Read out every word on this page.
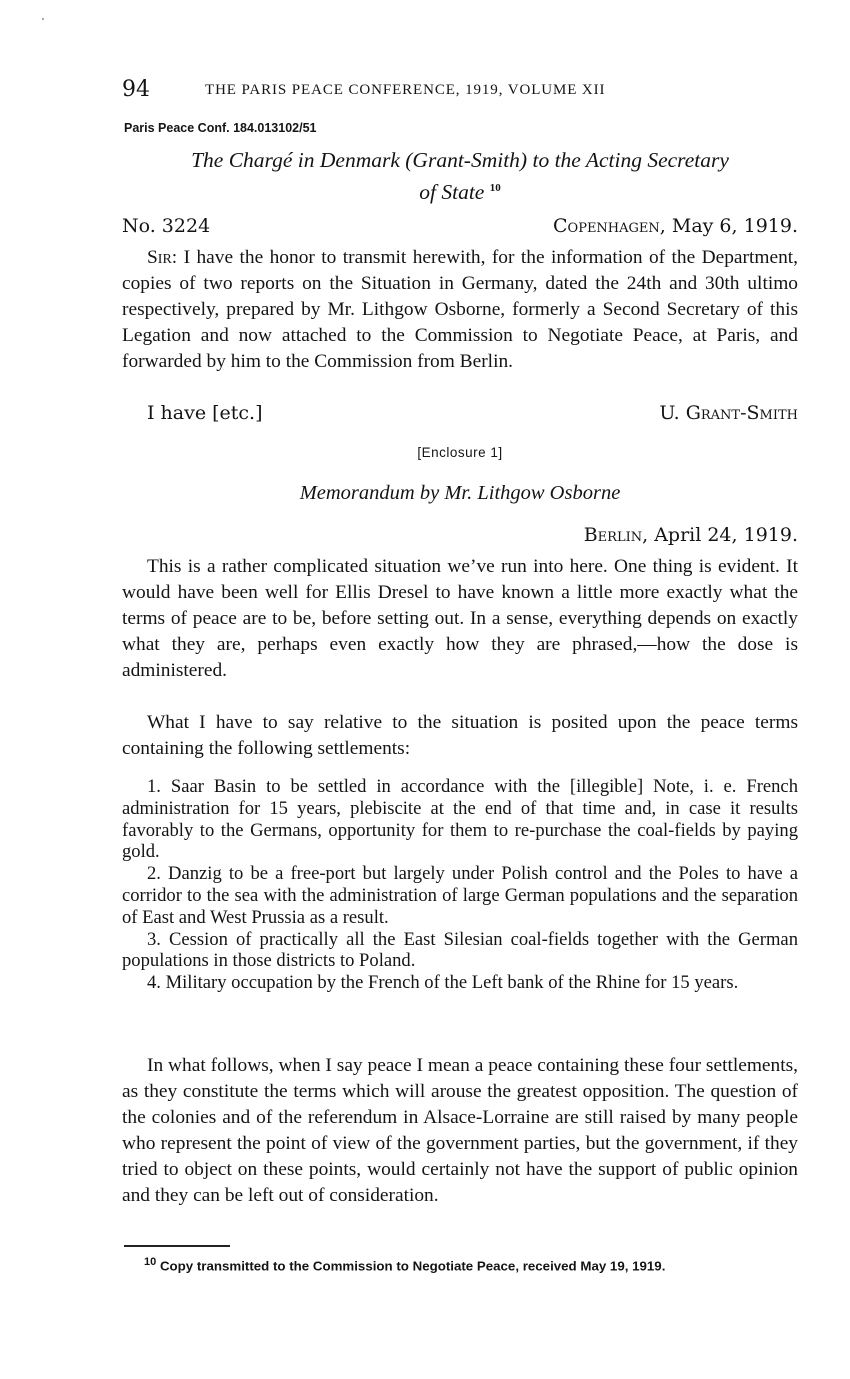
94	THE PARIS PEACE CONFERENCE, 1919, VOLUME XII
Paris Peace Conf. 184.013102/51
The Chargé in Denmark (Grant-Smith) to the Acting Secretary
of State $^{10}$
No. 3224	Copenhagen, May 6, 1919.

Sir: I have the honor to transmit herewith, for the information of the Department, copies of two reports on the Situation in Germany, dated the 24th and 30th ultimo respectively, prepared by Mr. Lithgow Osborne, formerly a Second Secretary of this Legation and now attached to the Commission to Negotiate Peace, at Paris, and forwarded by him to the Commission from Berlin.

I have [etc.]	U. Grant-Smith
[Enclosure 1]
Memorandum by Mr. Lithgow Osborne
Berlin, April 24, 1919.

This is a rather complicated situation we’ve run into here. One thing is evident. It would have been well for Ellis Dresel to have known a little more exactly what the terms of peace are to be, before setting out. In a sense, everything depends on exactly what they are, perhaps even exactly how they are phrased,—how the dose is administered.

What I have to say relative to the situation is posited upon the peace terms containing the following settlements:

1. Saar Basin to be settled in accordance with the [illegible] Note, i. e. French administration for 15 years, plebiscite at the end of that time and, in case it results favorably to the Germans, opportunity for them to re-purchase the coal-fields by paying gold.

2. Danzig to be a free-port but largely under Polish control and the Poles to have a corridor to the sea with the administration of large German populations and the separation of East and West Prussia as a result.

3. Cession of practically all the East Silesian coal-fields together with the German populations in those districts to Poland.

4. Military occupation by the French of the Left bank of the Rhine for 15 years.

In what follows, when I say peace I mean a peace containing these four settlements, as they constitute the terms which will arouse the greatest opposition. The question of the colonies and of the referendum in Alsace-Lorraine are still raised by many people who represent the point of view of the government parties, but the government, if they tried to object on these points, would certainly not have the support of public opinion and they can be left out of consideration.

$^{10}$ Copy transmitted to the Commission to Negotiate Peace, received May 19, 1919.
